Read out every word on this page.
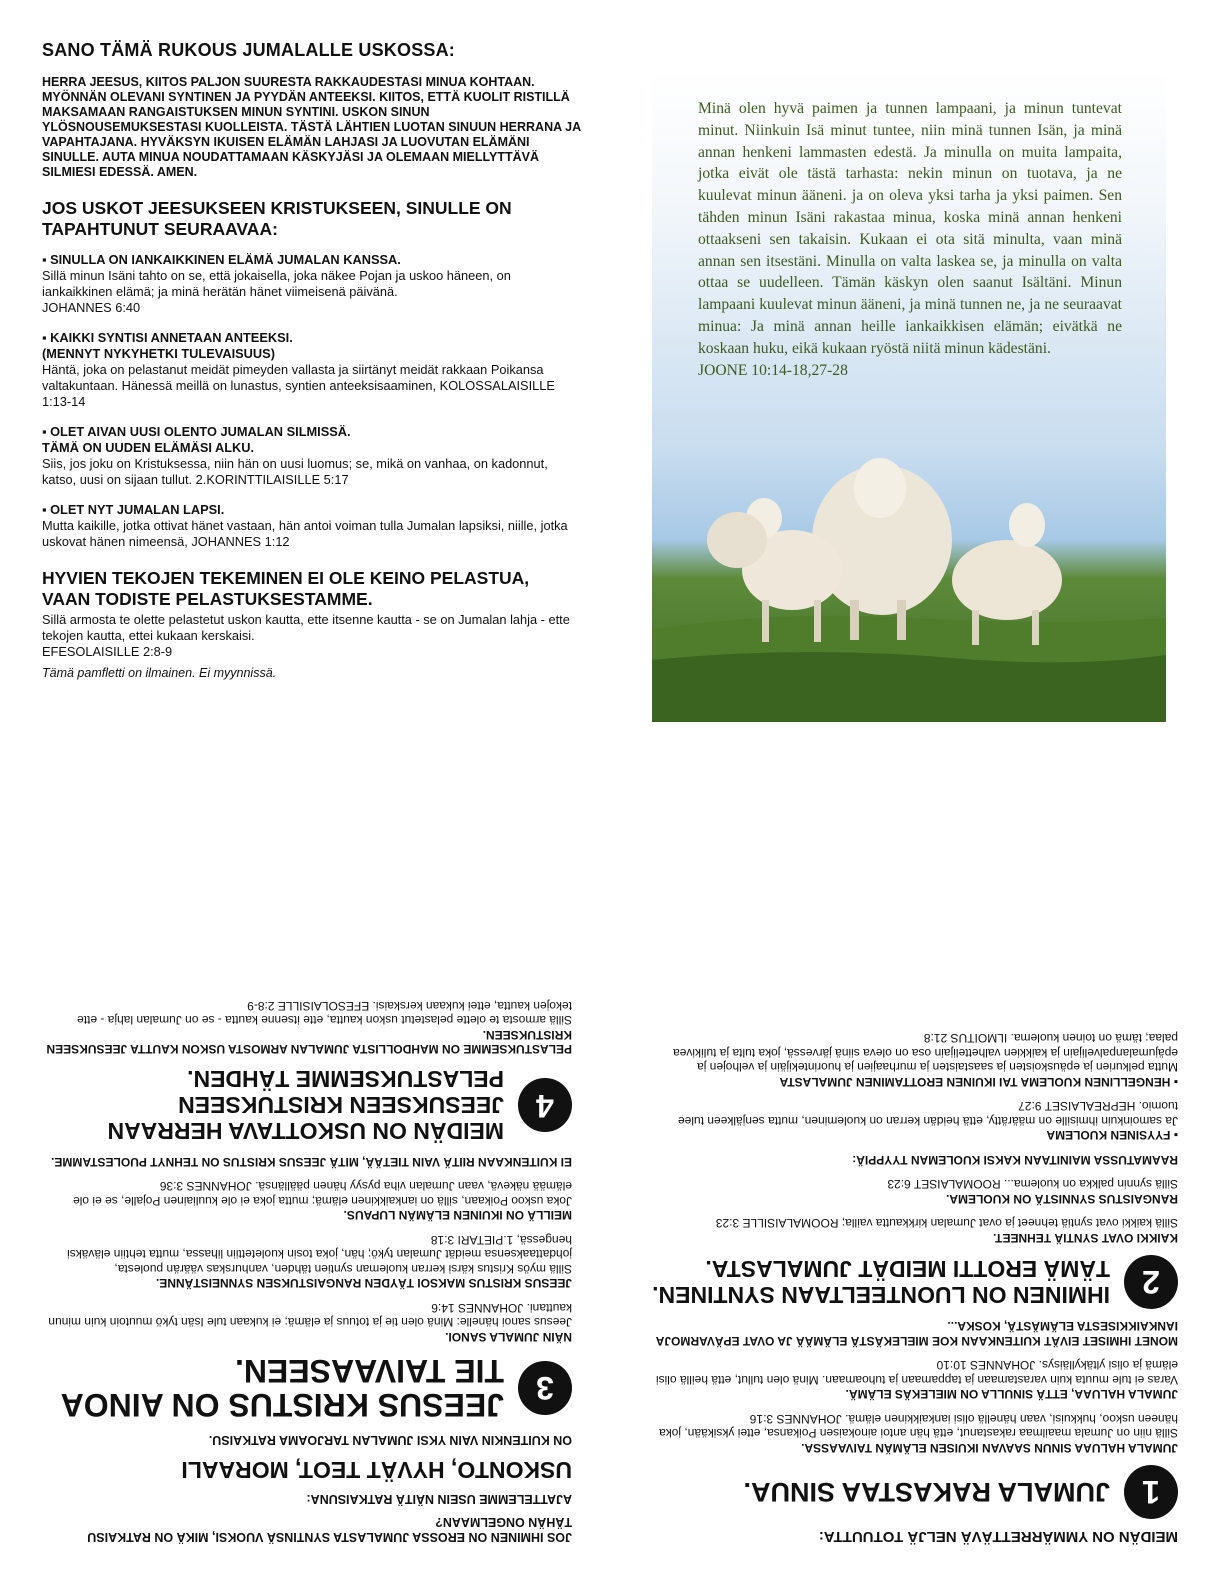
SANO TÄMÄ RUKOUS JUMALALLE USKOSSA:

HERRA JEESUS, KIITOS PALJON SUURESTA RAKKAUDESTASI MINUA KOHTAAN. MYÖNNÄN OLEVANI SYNTINEN JA PYYDÄN ANTEEKSI. KIITOS, ETTÄ KUOLIT RISTILLÄ MAKSAMAAN RANGAISTUKSEN MINUN SYNTINI. USKON SINUN YLÖSNOUSEMUKSESTASI KUOLLEISTA. TÄSTÄ LÄHTIEN LUOTAN SINUUN HERRANA JA VAPAHTAJANA. HYVÄKSYN IKUISEN ELÄMÄN LAHJASI JA LUOVUTAN ELÄMÄNI SINULLE. AUTA MINUA NOUDATTAMAAN KÄSKYJÄSI JA OLEMAAN MIELLYTTÄVÄ SILMIESI EDESSÄ. AMEN.

JOS USKOT JEESUKSEEN KRISTUKSEEN, SINULLE ON TAPAHTUNUT SEURAAVAA:
▪ SINULLA ON IANKAIKKINEN ELÄMÄ JUMALAN KANSSA.
Sillä minun Isäni tahto on se, että jokaisella, joka näkee Pojan ja uskoo häneen, on iankaikkinen elämä; ja minä herätän hänet viimeisenä päivänä.
JOHANNES 6:40
▪ KAIKKI SYNTISI ANNETAAN ANTEEKSI.
(MENNYT NYKYHETKI TULEVAISUUS)
Häntä, joka on pelastanut meidät pimeyden vallasta ja siirtänyt meidät rakkaan Poikansa valtakuntaan. Hänessä meillä on lunastus, syntien anteeksisaaminen, KOLOSSALAISILLE 1:13-14
▪ OLET AIVAN UUSI OLENTO JUMALAN SILMISSÄ.
TÄMÄ ON UUDEN ELÄMÄSI ALKU.
Siis, jos joku on Kristuksessa, niin hän on uusi luomus; se, mikä on vanhaa, on kadonnut, katso, uusi on sijaan tullut. 2.KORINTTILAISILLE 5:17
▪ OLET NYT JUMALAN LAPSI.
Mutta kaikille, jotka ottivat hänet vastaan, hän antoi voiman tulla Jumalan lapsiksi, niille, jotka uskovat hänen nimeensä, JOHANNES 1:12
HYVIEN TEKOJEN TEKEMINEN EI OLE KEINO PELASTUA, VAAN TODISTE PELASTUKSESTAMME.
Sillä armosta te olette pelastetut uskon kautta, ette itsenne kautta - se on Jumalan lahja - ette tekojen kautta, ettei kukaan kerskaisi.
EFESOLAISILLE 2:8-9
Tämä pamfletti on ilmainen. Ei myynnissä.
Minä olen hyvä paimen ja tunnen lampaani, ja minun tuntevat minut. Niinkuin Isä minut tuntee, niin minä tunnen Isän, ja minä annan henkeni lammasten edestä. Ja minulla on muita lampaita, jotka eivät ole tästä tarhasta: nekin minun on tuotava, ja ne kuulevat minun ääneni. ja on oleva yksi tarha ja yksi paimen. Sen tähden minun Isäni rakastaa minua, koska minä annan henkeni ottaakseni sen takaisin. Kukaan ei ota sitä minulta, vaan minä annan sen itsestäni. Minulla on valta laskea se, ja minulla on valta ottaa se uudelleen. Tämän käskyn olen saanut Isältäni. Minun lampaani kuulevat minun ääneni, ja minä tunnen ne, ja ne seuraavat minua: Ja minä annan heille iankaikkisen elämän; eivätkä ne koskaan huku, eikä kukaan ryöstä niitä minun kädestäni.
JOONE 10:14-18,27-28
MEIDÄN ON YMMÄRRETTÄVÄ NELJÄ TOTUUTTA:
1
JUMALA RAKASTAA SINUA.
JUMALA HALUAA SINUN SAAVAN IKUISEN ELÄMÄN TAIVAASSA.
Sillä niin on Jumala maailmaa rakastanut, että hän antoi ainokaisen Poikansa, ettei yksikään, joka häneen uskoo, hukkuisi, vaan hänellä olisi iankaikkinen elämä. JOHANNES 3:16
JUMALA HALUAA, ETTÄ SINULLA ON MIELEKÄS ELÄMÄ.
Varas ei tule muuta kuin varastamaan ja tappamaan ja tuhoamaan. Minä olen tullut, että heillä olisi elämä ja olisi yltäkylläisys. JOHANNES 10:10
MONET IHMISET EIVÄT KUITENKAAN KOE MIELEKÄSTÄ ELÄMÄÄ JA OVAT EPÄVARMOJA IANKAIKKISESTA ELÄMÄSTÄ, KOSKA...
2
IHMINEN ON LUONTEELTAAN SYNTINEN. TÄMÄ EROTTI MEIDÄT JUMALASTA.
KAIKKI OVAT SYNTIÄ TEHNEET.
Sillä kaikki ovat syntiä tehneet ja ovat Jumalan kirkkautta vailla; ROOMALAISILLE 3:23
RANGAISTUS SYNNISTÄ ON KUOLEMA.
Sillä synnin palkka on kuolema... ROOMALAISET 6:23
RAAMATUSSA MAINITAAN KAKSI KUOLEMAN TYYPPIÄ:
▪ FYYSINEN KUOLEMA
Ja samoinkuin ihmisille on määrätty, että heidän kerran on kuoleminen, mutta senjälkeen tulee tuomio. HEPREALAISET 9:27
▪ HENGELLINEN KUOLEMA TAI IKUINEN EROTTAMINEN JUMALASTA
Mutta pelkurien ja epäuskoisten ja saastaisten ja murhaajien ja huorintekijäin ja velhojen ja epäjumalanpalvelijain ja kaikkien valhettelijain osa on oleva siinä järvessä, joka tulta ja tulikivea palaa; tämä on toinen kuolema. ILMOITUS 21:8
JOS IHMINEN ON EROSSA JUMALASTA SYNTINSÄ VUOKSI, MIKÄ ON RATKAISU TÄHÄN ONGELMAAN?
AJATTELEMME USEIN NÄITÄ RATKAISUNA:
USKONTO, HYVÄT TEOT, MORAALI
ON KUITENKIN VAIN YKSI JUMALAN TARJOAMA RATKAISU.
3
JEESUS KRISTUS ON AINOA TIE TAIVAASEEN.
NÄIN JUMALA SANOI.
Jeesus sanoi hänelle: Minä olen tie ja totuus ja elämä; ei kukaan tule Isän tykö muutoin kuin minun kauttani. JOHANNES 14:6
JEESUS KRISTUS MAKSOI TÄYDEN RANGAISTUKSEN SYNNEISTÄNNE.
Sillä myös Kristus kärsi kerran kuoleman syntien tähden, vanhurskas väärän puolesta, johdattaaksensa meidät Jumalan tykö; hän, joka tosin kuoletettiin lihassa, mutta tehtiin eläväksi hengessä, 1.PIETARI 3:18
MEILLÄ ON IKUINEN ELÄMÄN LUPAUS.
Joka uskoo Poikaan, sillä on iankaikkinen elämä; mutta joka ei ole kuuliainen Pojalle, se ei ole elämää näkevä, vaan Jumalan viha pysyy hänen päällänsä. JOHANNES 3:36
EI KUITENKAAN RIITÄ VAIN TIETÄÄ, MITÄ JEESUS KRISTUS ON TEHNYT PUOLESTAMME.
4
MEIDÄN ON USKOTTAVA HERRAAN JEESUKSEEN KRISTUKSEEN PELASTUKSEMME TÄHDEN.
PELASTUKSEMME ON MAHDOLLISTA JUMALAN ARMOSTA USKON KAUTTA JEESUKSEEN KRISTUKSEEN.
Sillä armosta te olette pelastetut uskon kautta, ette itsenne kautta - se on Jumalan lahja - ette tekojen kautta, ettei kukaan kerskaisi. EFESOLAISILLE 2:8-9
